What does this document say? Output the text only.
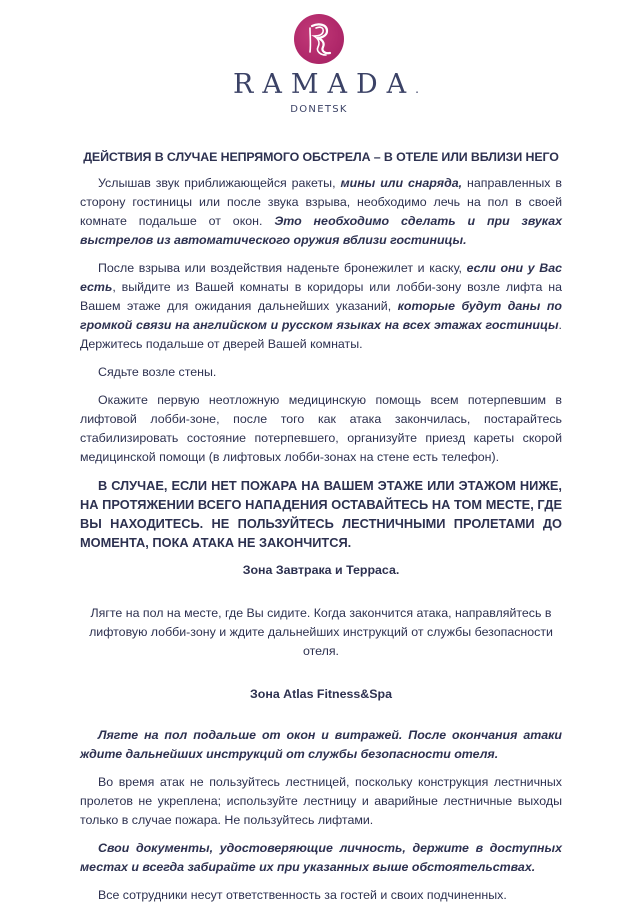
RAMADA.
DONETSK
ДЕЙСТВИЯ В СЛУЧАЕ НЕПРЯМОГО ОБСТРЕЛА – В ОТЕЛЕ ИЛИ ВБЛИЗИ НЕГО

Услышав звук приближающейся ракеты, мины или снаряда, направленных в сторону гостиницы или после звука взрыва, необходимо лечь на пол в своей комнате подальше от окон. Это необходимо сделать и при звуках выстрелов из автоматического оружия вблизи гостиницы.

После взрыва или воздействия наденьте бронежилет и каску, если они у Вас есть, выйдите из Вашей комнаты в коридоры или лобби-зону возле лифта на Вашем этаже для ожидания дальнейших указаний, которые будут даны по громкой связи на английском и русском языках на всех этажах гостиницы. Держитесь подальше от дверей Вашей комнаты.

Сядьте возле стены.

Окажите первую неотложную медицинскую помощь всем потерпевшим в лифтовой лобби-зоне, после того как атака закончилась, постарайтесь стабилизировать состояние потерпевшего, организуйте приезд кареты скорой медицинской помощи (в лифтовых лобби-зонах на стене есть телефон).

В СЛУЧАЕ, ЕСЛИ НЕТ ПОЖАРА НА ВАШЕМ ЭТАЖЕ ИЛИ ЭТАЖОМ НИЖЕ, НА ПРОТЯЖЕНИИ ВСЕГО НАПАДЕНИЯ ОСТАВАЙТЕСЬ НА ТОМ МЕСТЕ, ГДЕ ВЫ НАХОДИТЕСЬ. НЕ ПОЛЬЗУЙТЕСЬ ЛЕСТНИЧНЫМИ ПРОЛЕТАМИ ДО МОМЕНТА, ПОКА АТАКА НЕ ЗАКОНЧИТСЯ.

Зона Завтрака и Терраса.

Лягте на пол на месте, где Вы сидите. Когда закончится атака, направляйтесь в

лифтовую лобби-зону и ждите дальнейших инструкций от службы безопасности отеля.

Зона Atlas Fitness&Spa

Лягте на пол подальше от окон и витражей. После окончания атаки ждите дальнейших инструкций от службы безопасности отеля.

Во время атак не пользуйтесь лестницей, поскольку конструкция лестничных пролетов не укреплена; используйте лестницу и аварийные лестничные выходы только в случае пожара. Не пользуйтесь лифтами.

Свои документы, удостоверяющие личность, держите в доступных местах и всегда забирайте их при указанных выше обстоятельствах.

Все сотрудники несут ответственность за гостей и своих подчиненных.
